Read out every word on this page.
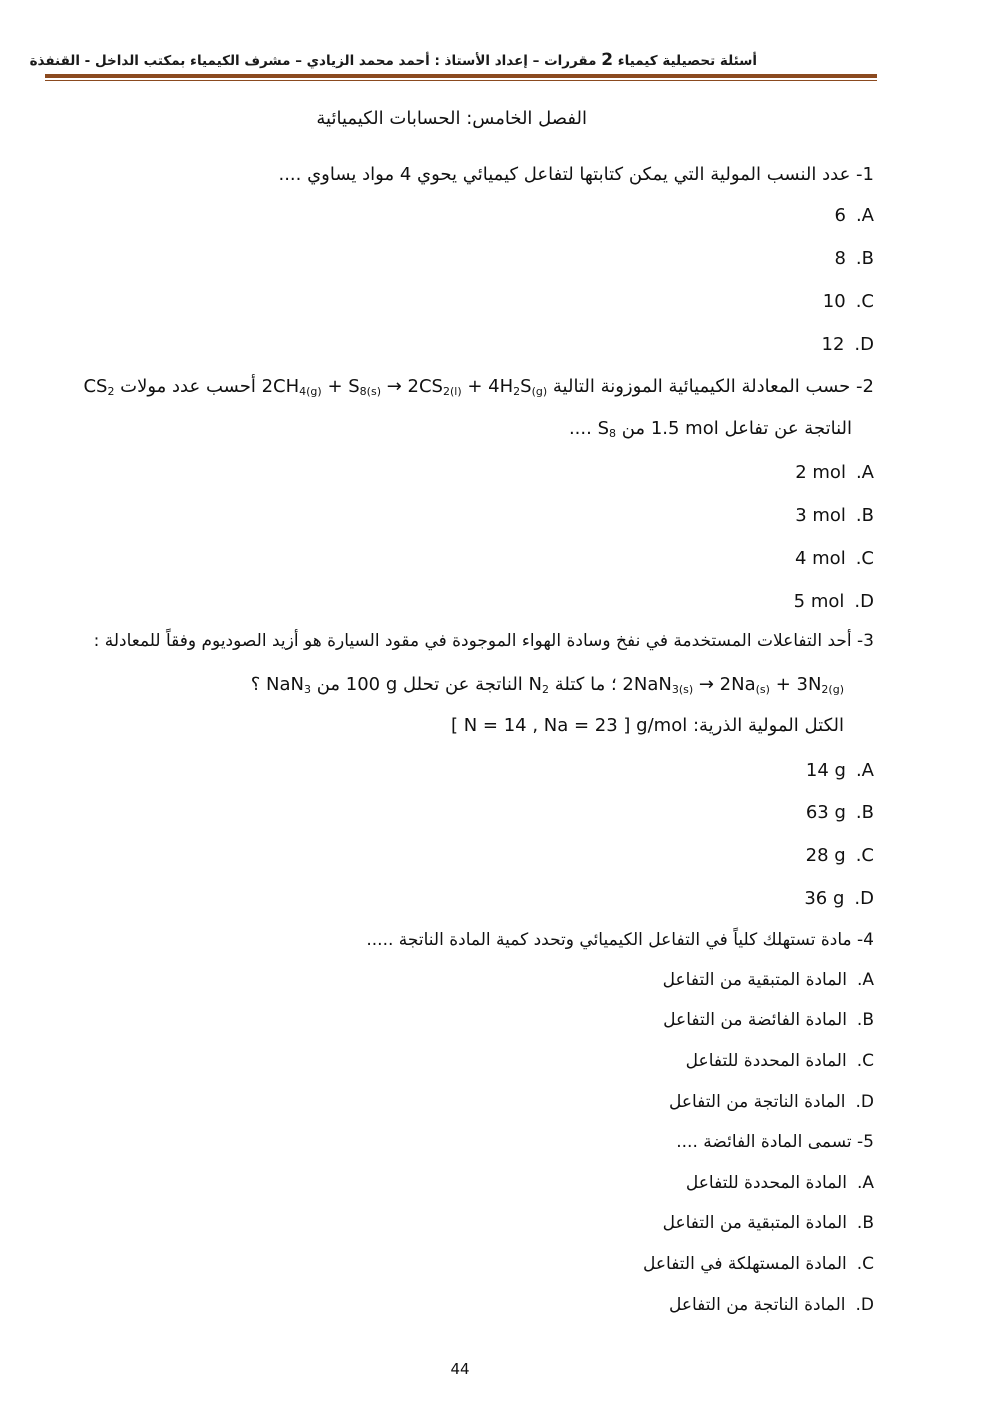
أسئلة تحصيلية كيمياء 2 مقررات – إعداد الأستاذ : أحمد محمد الزيادي – مشرف الكيمياء بمكتب الداخل - القنفذة
الفصل الخامس: الحسابات الكيميائية
1- عدد النسب المولية التي يمكن كتابتها لتفاعل كيميائي يحوي 4 مواد يساوي ....
6 .A
8 .B
10 .C
12 .D
2- حسب المعادلة الكيميائية الموزونة التالية $2CH_{4(g)} + S_{8(s)} \to 2CS_{2(l)} + 4H_2S_{(g)}$ أحسب عدد مولات $CS_2$
الناتجة عن تفاعل 1.5 mol من $S_8$ ....
2 mol .A
3 mol .B
4 mol .C
5 mol .D
3- أحد التفاعلات المستخدمة في نفخ وسادة الهواء الموجودة في مقود السيارة هو أزيد الصوديوم وفقاً للمعادلة :
$2NaN_{3(s)} \to 2Na_{(s)} + 3N_{2(g)}$ ؛ ما كتلة $N_2$ الناتجة عن تحلل 100 g من NaN$_3$ ؟
الكتل المولية الذرية: [ N = 14 , Na = 23 ] g/mol
14 g .A
63 g .B
28 g .C
36 g .D
4- مادة تستهلك كلياً في التفاعل الكيميائي وتحدد كمية المادة الناتجة .....
المادة المتبقية من التفاعل .A
المادة الفائضة من التفاعل .B
المادة المحددة للتفاعل .C
المادة الناتجة من التفاعل .D
5- تسمى المادة الفائضة ....
المادة المحددة للتفاعل .A
المادة المتبقية من التفاعل .B
المادة المستهلكة في التفاعل .C
المادة الناتجة من التفاعل .D
44
